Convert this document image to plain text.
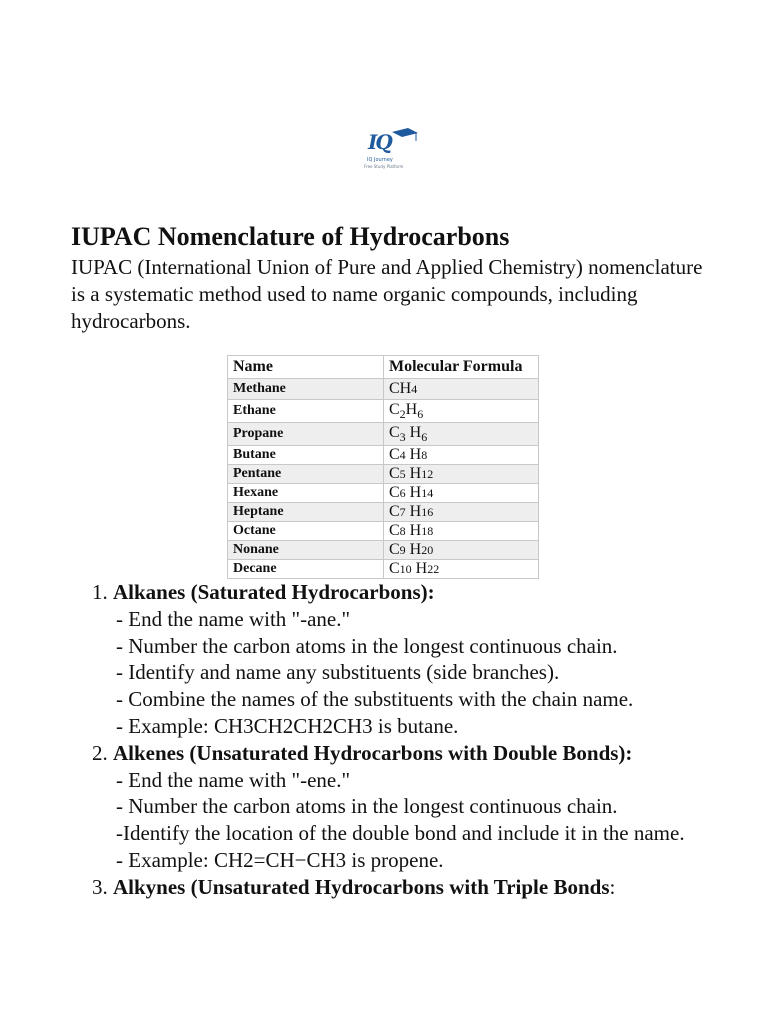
IQ
IQ Journey
Free Study Platform
IUPAC Nomenclature of Hydrocarbons

IUPAC (International Union of Pure and Applied Chemistry) nomenclature is a systematic method used to name organic compounds, including hydrocarbons.

Name	Molecular Formula
Methane	CH4
Ethane	C2H6
Propane	C3 H6
Butane	C4 H8
Pentane	C5 H12
Hexane	C6 H14
Heptane	C7 H16
Octane	C8 H18
Nonane	C9 H20
Decane	C10 H22
1. Alkanes (Saturated Hydrocarbons):
- End the name with "-ane."
- Number the carbon atoms in the longest continuous chain.
- Identify and name any substituents (side branches).
- Combine the names of the substituents with the chain name.
- Example: CH3CH2CH2CH3 is butane.
2. Alkenes (Unsaturated Hydrocarbons with Double Bonds):
- End the name with "-ene."
- Number the carbon atoms in the longest continuous chain.
-Identify the location of the double bond and include it in the name.
- Example: CH2=CH−CH3 is propene.
3. Alkynes (Unsaturated Hydrocarbons with Triple Bonds:
